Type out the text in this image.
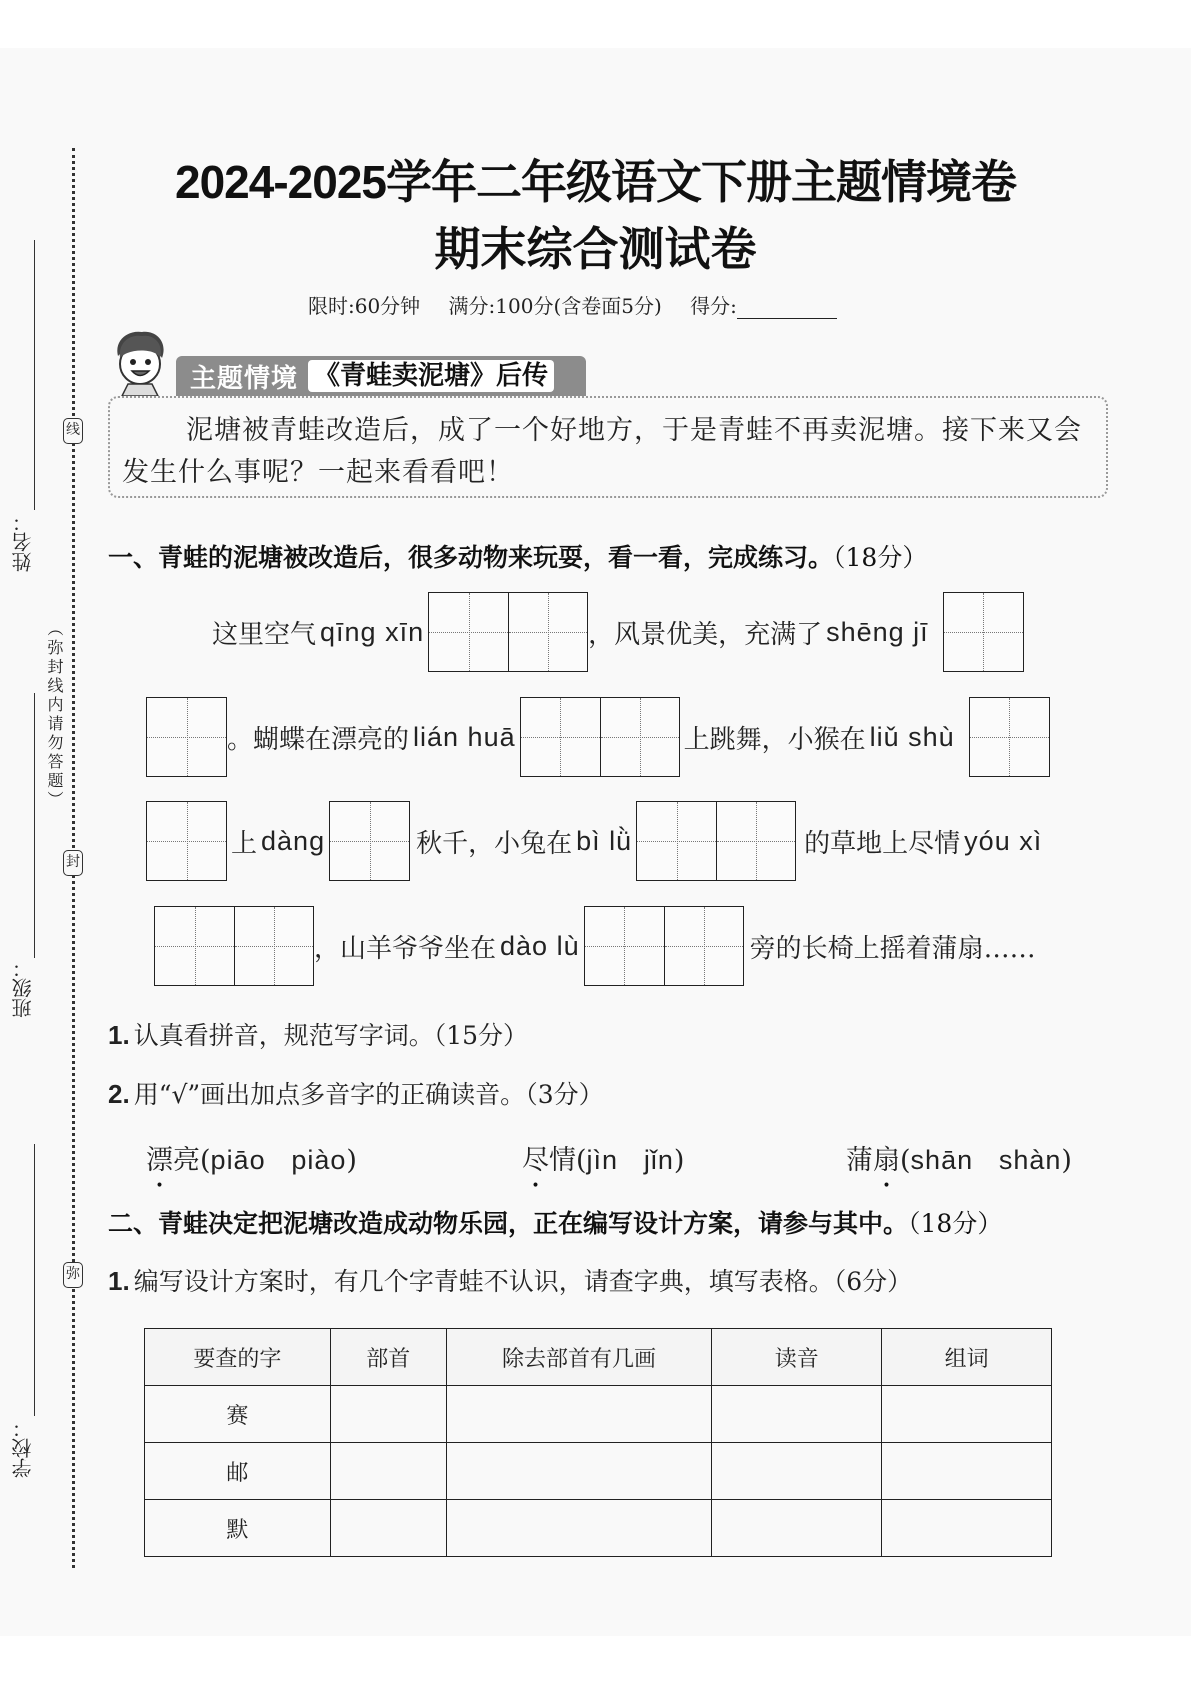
线
封
弥
姓名：
班级：
学校：
（弥封线内请勿答题）
2024-2025学年二年级语文下册主题情境卷
期末综合测试卷
限时:60分钟 满分:100分(含卷面5分) 得分:
主题情境 《青蛙卖泥塘》后传
泥塘被青蛙改造后，成了一个好地方，于是青蛙不再卖泥塘。接下来又会发生什么事呢？一起来看看吧！
一、青蛙的泥塘被改造后，很多动物来玩耍，看一看，完成练习。（18分）
这里空气 qīng xīn	，风景优美，充满了 shēng jī
。蝴蝶在漂亮的 lián huā	上跳舞，小猴在 liǔ shù
上 dàng	秋千，小兔在 bì lǜ	的草地上尽情 yóu xì
，山羊爷爷坐在 dào lù	旁的长椅上摇着蒲扇……
1. 认真看拼音，规范写字词。（15分）
2. 用“√”画出加点多音字的正确读音。（3分）
漂亮(piāo piào)	尽情(jìn jǐn)	蒲扇(shān shàn)
二、青蛙决定把泥塘改造成动物乐园，正在编写设计方案，请参与其中。（18分）
1. 编写设计方案时，有几个字青蛙不认识，请查字典，填写表格。（6分）
要查的字	部首	除去部首有几画	读音	组词
赛				
邮				
默				
